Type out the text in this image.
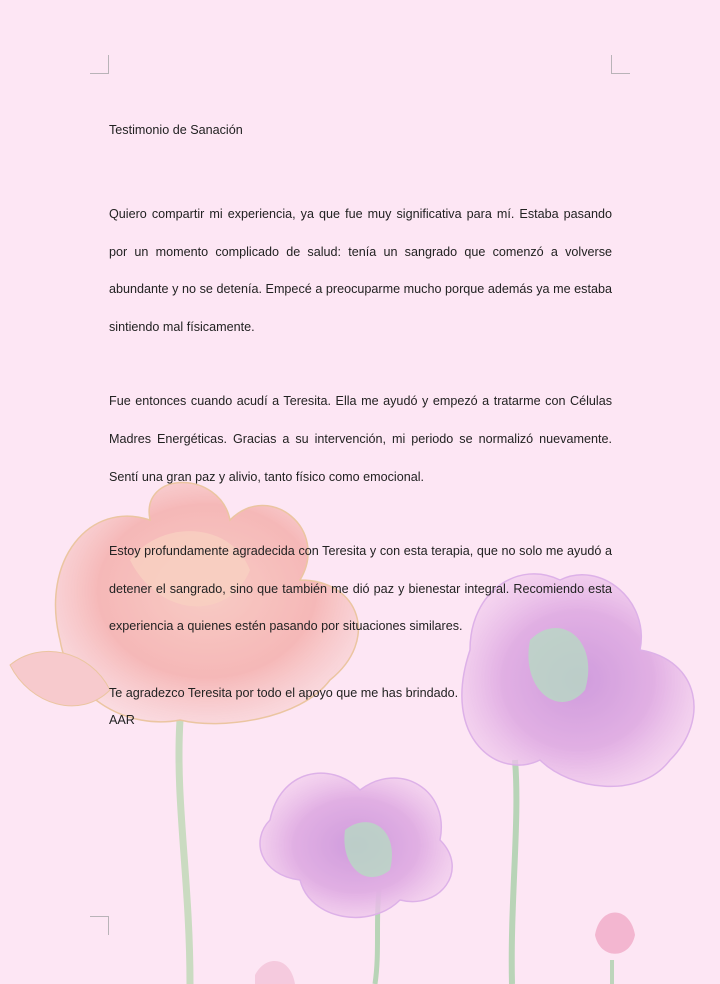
Testimonio de Sanación

Quiero compartir mi experiencia, ya que fue muy significativa para mí. Estaba pasando por un momento complicado de salud: tenía un sangrado que comenzó a volverse abundante y no se detenía. Empecé a preocuparme mucho porque además ya me estaba sintiendo mal físicamente.

Fue entonces cuando acudí a Teresita. Ella me ayudó y empezó a tratarme con Células Madres Energéticas. Gracias a su intervención, mi periodo se normalizó nuevamente. Sentí una gran paz y alivio, tanto físico como emocional.

Estoy profundamente agradecida con Teresita y con esta terapia, que no solo me ayudó a detener el sangrado, sino que también me dió paz y bienestar integral. Recomiendo esta experiencia a quienes estén pasando por situaciones similares.

Te agradezco Teresita por todo el apoyo que me has brindado.

AAR
